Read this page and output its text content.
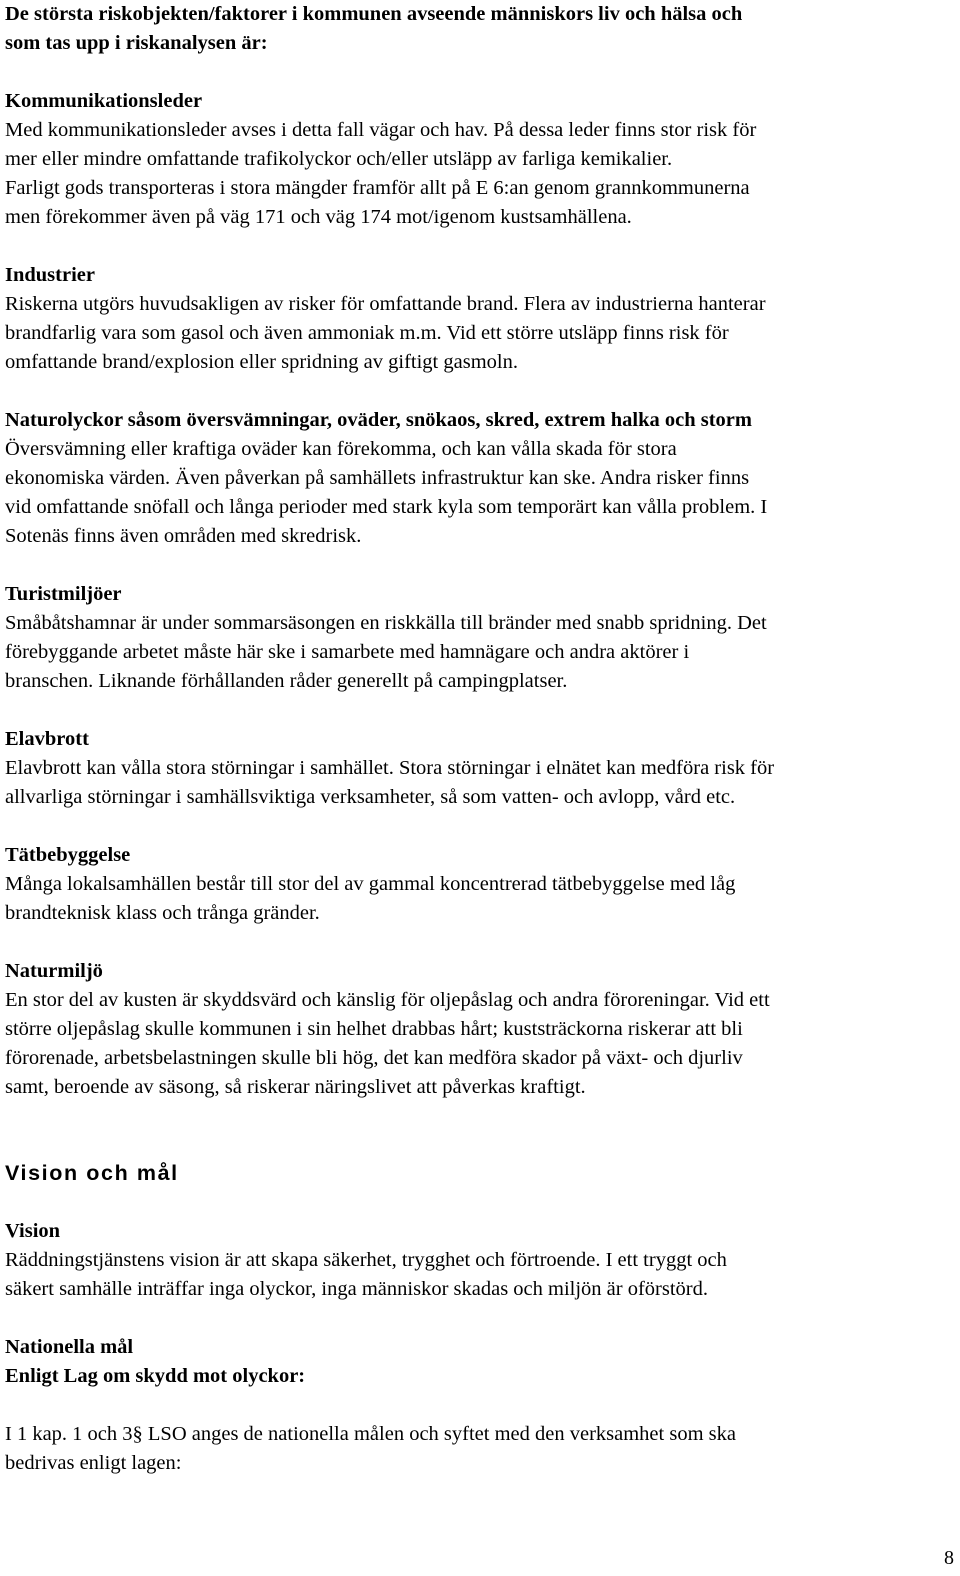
De största riskobjekten/faktorer i kommunen avseende människors liv och hälsa och

som tas upp i riskanalysen är:

Kommunikationsleder

Med kommunikationsleder avses i detta fall vägar och hav. På dessa leder finns stor risk för

mer eller mindre omfattande trafikolyckor och/eller utsläpp av farliga kemikalier.

Farligt gods transporteras i stora mängder framför allt på E 6:an genom grannkommunerna

men förekommer även på väg 171 och väg 174 mot/igenom kustsamhällena.

Industrier

Riskerna utgörs huvudsakligen av risker för omfattande brand. Flera av industrierna hanterar

brandfarlig vara som gasol och även ammoniak m.m. Vid ett större utsläpp finns risk för

omfattande brand/explosion eller spridning av giftigt gasmoln.

Naturolyckor såsom översvämningar, oväder, snökaos, skred, extrem halka och storm

Översvämning eller kraftiga oväder kan förekomma, och kan vålla skada för stora

ekonomiska värden. Även påverkan på samhällets infrastruktur kan ske. Andra risker finns

vid omfattande snöfall och långa perioder med stark kyla som temporärt kan vålla problem. I

Sotenäs finns även områden med skredrisk.

Turistmiljöer

Småbåtshamnar är under sommarsäsongen en riskkälla till bränder med snabb spridning. Det

förebyggande arbetet måste här ske i samarbete med hamnägare och andra aktörer i

branschen. Liknande förhållanden råder generellt på campingplatser.

Elavbrott

Elavbrott kan vålla stora störningar i samhället. Stora störningar i elnätet kan medföra risk för

allvarliga störningar i samhällsviktiga verksamheter, så som vatten- och avlopp, vård etc.

Tätbebyggelse

Många lokalsamhällen består till stor del av gammal koncentrerad tätbebyggelse med låg

brandteknisk klass och trånga gränder.

Naturmiljö

En stor del av kusten är skyddsvärd och känslig för oljepåslag och andra föroreningar. Vid ett

större oljepåslag skulle kommunen i sin helhet drabbas hårt; kuststräckorna riskerar att bli

förorenade, arbetsbelastningen skulle bli hög, det kan medföra skador på växt- och djurliv

samt, beroende av säsong, så riskerar näringslivet att påverkas kraftigt.

Vision och mål

Vision

Räddningstjänstens vision är att skapa säkerhet, trygghet och förtroende. I ett tryggt och

säkert samhälle inträffar inga olyckor, inga människor skadas och miljön är oförstörd.

Nationella mål

Enligt Lag om skydd mot olyckor:

I 1 kap. 1 och 3§ LSO anges de nationella målen och syftet med den verksamhet som ska

bedrivas enligt lagen:

8
